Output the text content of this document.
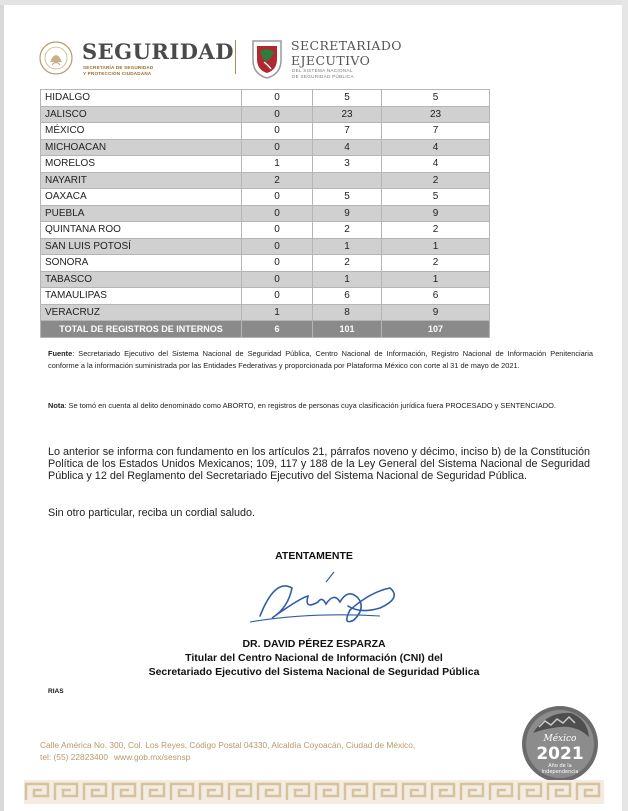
SEGURIDAD
SECRETARÍA DE SEGURIDAD
Y PROTECCIÓN CIUDADANA
SECRETARIADO
EJECUTIVO
DEL SISTEMA NACIONAL
DE SEGURIDAD PÚBLICA
HIDALGO	0	5	5
JALISCO	0	23	23
MÉXICO	0	7	7
MICHOACAN	0	4	4
MORELOS	1	3	4
NAYARIT	2		2
OAXACA	0	5	5
PUEBLA	0	9	9
QUINTANA ROO	0	2	2
SAN LUIS POTOSÍ	0	1	1
SONORA	0	2	2
TABASCO	0	1	1
TAMAULIPAS	0	6	6
VERACRUZ	1	8	9
TOTAL DE REGISTROS DE INTERNOS	6	101	107
Fuente: Secretariado Ejecutivo del Sistema Nacional de Seguridad Pública, Centro Nacional de Información, Registro Nacional de Información Penitenciaria conforme a la información suministrada por las Entidades Federativas y proporcionada por Plataforma México con corte al 31 de mayo de 2021.
Nota: Se tomó en cuenta al delito denominado como ABORTO, en registros de personas cuya clasificación jurídica fuera PROCESADO y SENTENCIADO.
Lo anterior se informa con fundamento en los artículos 21, párrafos noveno y décimo, inciso b) de la Constitución Política de los Estados Unidos Mexicanos; 109, 117 y 188 de la Ley General del Sistema Nacional de Seguridad Pública y 12 del Reglamento del Secretariado Ejecutivo del Sistema Nacional de Seguridad Pública.
Sin otro particular, reciba un cordial saludo.
ATENTAMENTE
DR. DAVID PÉREZ ESPARZA
Titular del Centro Nacional de Información (CNI) del
Secretariado Ejecutivo del Sistema Nacional de Seguridad Pública
RIAS
Calle América No. 300, Col. Los Reyes, Código Postal 04330, Alcaldía Coyoacán, Ciudad de México,
tel: (55) 22823400 www.gob.mx/sesnsp
México
2021
Año de la
Independencia
